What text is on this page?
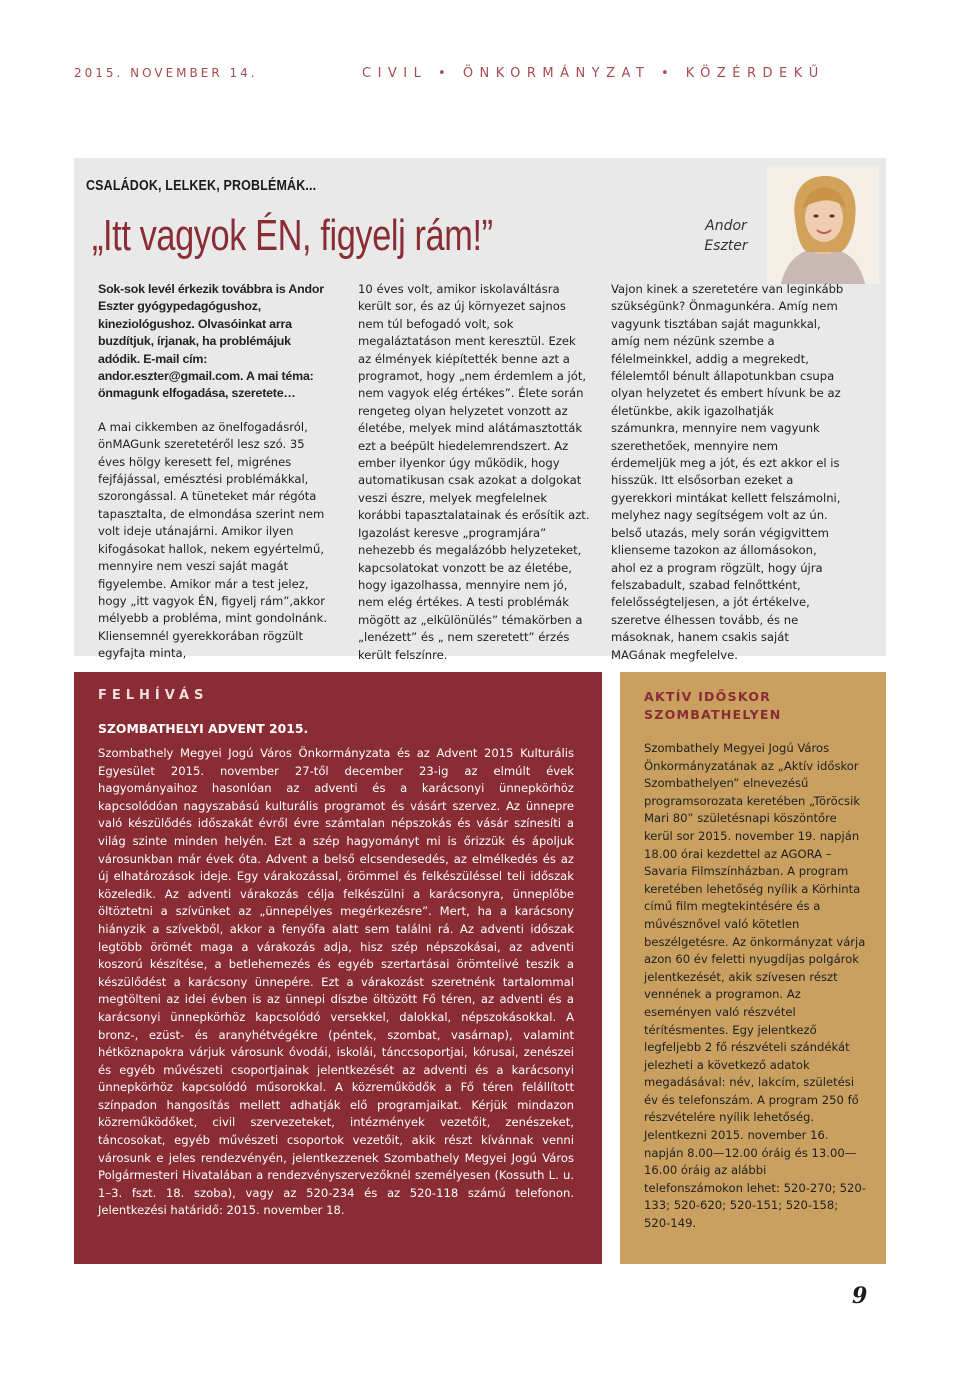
2015. NOVEMBER 14.	CIVIL • ÖNKORMÁNYZAT • KÖZÉRDEKŰ
CSALÁDOK, LELKEK, PROBLÉMÁK...
„Itt vagyok ÉN, figyelj rám!”	Andor
Eszter

Sok-sok levél érkezik továbbra is Andor Eszter gyógypedagógushoz, kineziológushoz. Olvasóinkat arra buzdítjuk, írjanak, ha problémájuk adódik. E-mail cím: andor.eszter@gmail.com. A mai téma: önmagunk elfogadása, szeretete…

A mai cikkemben az önelfogadásról, önMAGunk szeretetéről lesz szó. 35 éves hölgy keresett fel, migrénes fejfájással, emésztési problémákkal, szorongással. A tüneteket már régóta tapasztalta, de elmondása szerint nem volt ideje utánajárni. Amikor ilyen kifogásokat hallok, nekem egyértelmű, mennyire nem veszi saját magát figyelembe. Amikor már a test jelez, hogy „itt vagyok ÉN, figyelj rám”,akkor mélyebb a probléma, mint gondolnánk. Kliensemnél gyerekkorában rögzült egyfajta minta,

10 éves volt, amikor iskolaváltásra került sor, és az új környezet sajnos nem túl befogadó volt, sok megaláztatáson ment keresztül. Ezek az élmények kiépítették benne azt a programot, hogy „nem érdemlem a jót, nem vagyok elég értékes”. Élete során rengeteg olyan helyzetet vonzott az életébe, melyek mind alátámasztották ezt a beépült hiedelemrendszert. Az ember ilyenkor úgy működik, hogy automatikusan csak azokat a dolgokat veszi észre, melyek megfelelnek korábbi tapasztalatainak és erősítik azt. Igazolást keresve „programjára” nehezebb és megalázóbb helyzeteket, kapcsolatokat vonzott be az életébe, hogy igazolhassa, mennyire nem jó, nem elég értékes. A testi problémák mögött az „elkülönülés” témakörben a „lenézett” és „ nem szeretett” érzés került felszínre.

Vajon kinek a szeretetére van leginkább szükségünk? Önmagunkéra. Amíg nem vagyunk tisztában saját magunkkal, amíg nem nézünk szembe a félelmeinkkel, addig a megrekedt, félelemtől bénult állapotunkban csupa olyan helyzetet és embert hívunk be az életünkbe, akik igazolhatják számunkra, mennyire nem vagyunk szerethetőek, mennyire nem érdemeljük meg a jót, és ezt akkor el is hisszük. Itt elsősorban ezeket a gyerekkori mintákat kellett felszámolni, melyhez nagy segítségem volt az ún. belső utazás, mely során végigvittem klienseme tazokon az állomásokon, ahol ez a program rögzült, hogy újra felszabadult, szabad felnőttként, felelősségteljesen, a jót értékelve, szeretve élhessen tovább, és ne másoknak, hanem csakis saját MAGának megfelelve.

FELHÍVÁS
SZOMBATHELYI ADVENT 2015.

Szombathely Megyei Jogú Város Önkormányzata és az Advent 2015 Kulturális Egyesület 2015. november 27-től december 23-ig az elmúlt évek hagyományaihoz hasonlóan az adventi és a karácsonyi ünnepkörhöz kapcsolódóan nagyszabású kulturális programot és vásárt szervez. Az ünnepre való készülődés időszakát évről évre számtalan népszokás és vásár színesíti a világ szinte minden helyén. Ezt a szép hagyományt mi is őrizzük és ápoljuk városunkban már évek óta. Advent a belső elcsendesedés, az elmélkedés és az új elhatározások ideje. Egy várakozással, örömmel és felkészüléssel teli időszak közeledik. Az adventi várakozás célja felkészülni a karácsonyra, ünneplőbe öltöztetni a szívünket az „ünnepélyes megérkezésre”. Mert, ha a karácsony hiányzik a szívekből, akkor a fenyőfa alatt sem találni rá. Az adventi időszak legtöbb örömét maga a várakozás adja, hisz szép népszokásai, az adventi koszorú készítése, a betlehemezés és egyéb szertartásai örömtelivé teszik a készülődést a karácsony ünnepére. Ezt a várakozást szeretnénk tartalommal megtölteni az idei évben is az ünnepi díszbe öltözött Fő téren, az adventi és a karácsonyi ünnepkörhöz kapcsolódó versekkel, dalokkal, népszokásokkal. A bronz-, ezüst- és aranyhétvégékre (péntek, szombat, vasárnap), valamint hétköznapokra várjuk városunk óvodái, iskolái, tánccsoportjai, kórusai, zenészei és egyéb művészeti csoportjainak jelentkezését az adventi és a karácsonyi ünnepkörhöz kapcsolódó műsorokkal. A közreműködők a Fő téren felállított színpadon hangosítás mellett adhatják elő programjaikat. Kérjük mindazon közreműködőket, civil szervezeteket, intézmények vezetőit, zenészeket, táncosokat, egyéb művészeti csoportok vezetőit, akik részt kívánnak venni városunk e jeles rendezvényén, jelentkezzenek Szombathely Megyei Jogú Város Polgármesteri Hivatalában a rendezvényszervezőknél személyesen (Kossuth L. u. 1–3. fszt. 18. szoba), vagy az 520-234 és az 520-118 számú telefonon. Jelentkezési határidő: 2015. november 18.

AKTÍV IDŐSKOR SZOMBATHELYEN

Szombathely Megyei Jogú Város Önkormányzatának az „Aktív időskor Szombathelyen” elnevezésű programsorozata keretében „Töröcsik Mari 80” születésnapi köszöntőre kerül sor 2015. november 19. napján 18.00 órai kezdettel az AGORA – Savaria Filmszínházban. A program keretében lehetőség nyílik a Körhinta című film megtekintésére és a művésznővel való kötetlen beszélgetésre. Az önkormányzat várja azon 60 év feletti nyugdíjas polgárok jelentkezését, akik szívesen részt vennének a programon. Az eseményen való részvétel térítésmentes. Egy jelentkező legfeljebb 2 fő részvételi szándékát jelezheti a következő adatok megadásával: név, lakcím, születési év és telefonszám. A program 250 fő részvételére nyílik lehetőség. Jelentkezni 2015. november 16. napján 8.00—12.00 óráig és 13.00—16.00 óráig az alábbi telefonszámokon lehet: 520-270; 520-133; 520-620; 520-151; 520-158; 520-149.

9
